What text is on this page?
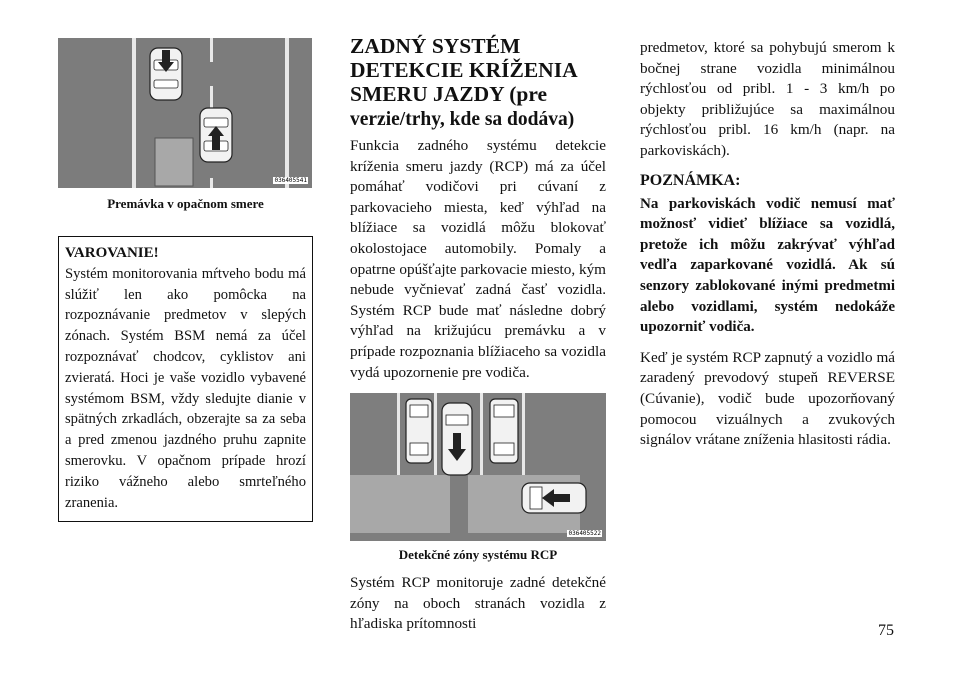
036405541
Premávka v opačnom smere
VAROVANIE!

Systém monitorovania mŕtveho bodu má slúžiť len ako pomôcka na rozpoznávanie predmetov v slepých zónach. Systém BSM nemá za účel rozpoznávať chodcov, cyklistov ani zvieratá. Hoci je vaše vozidlo vybavené systémom BSM, vždy sledujte dianie v spätných zrkadlách, obzerajte sa za seba a pred zmenou jazdného pruhu zapnite smerovku. V opačnom prípade hrozí riziko vážneho alebo smrteľného zranenia.

ZADNÝ SYSTÉM DETEKCIE KRÍŽENIA SMERU JAZDY (pre
verzie/trhy, kde sa dodáva)

Funkcia zadného systému detekcie kríženia smeru jazdy (RCP) má za účel pomáhať vodičovi pri cúvaní z parkovacieho miesta, keď výhľad na blížiace sa vozidlá môžu blokovať okolostojace automobily. Pomaly a opatrne opúšťajte parkovacie miesto, kým nebude vyčnievať zadná časť vozidla. Systém RCP bude mať následne dobrý výhľad na križujúcu premávku a v prípade rozpoznania blížiaceho sa vozidla vydá upozornenie pre vodiča.

036405522
Detekčné zóny systému RCP

Systém RCP monitoruje zadné detekčné zóny na oboch stranách vozidla z hľadiska prítomnosti

predmetov, ktoré sa pohybujú smerom k bočnej strane vozidla minimálnou rýchlosťou od pribl. 1 - 3 km/h po objekty približujúce sa maximálnou rýchlosťou pribl. 16 km/h (napr. na parkoviskách).

POZNÁMKA:

Na parkoviskách vodič nemusí mať možnosť vidieť blížiace sa vozidlá, pretože ich môžu zakrývať výhľad vedľa zaparkované vozidlá. Ak sú senzory zablokované inými predmetmi alebo vozidlami, systém nedokáže upozorniť vodiča.

Keď je systém RCP zapnutý a vozidlo má zaradený prevodový stupeň REVERSE (Cúvanie), vodič bude upozorňovaný pomocou vizuálnych a zvukových signálov vrátane zníženia hlasitosti rádia.

75
